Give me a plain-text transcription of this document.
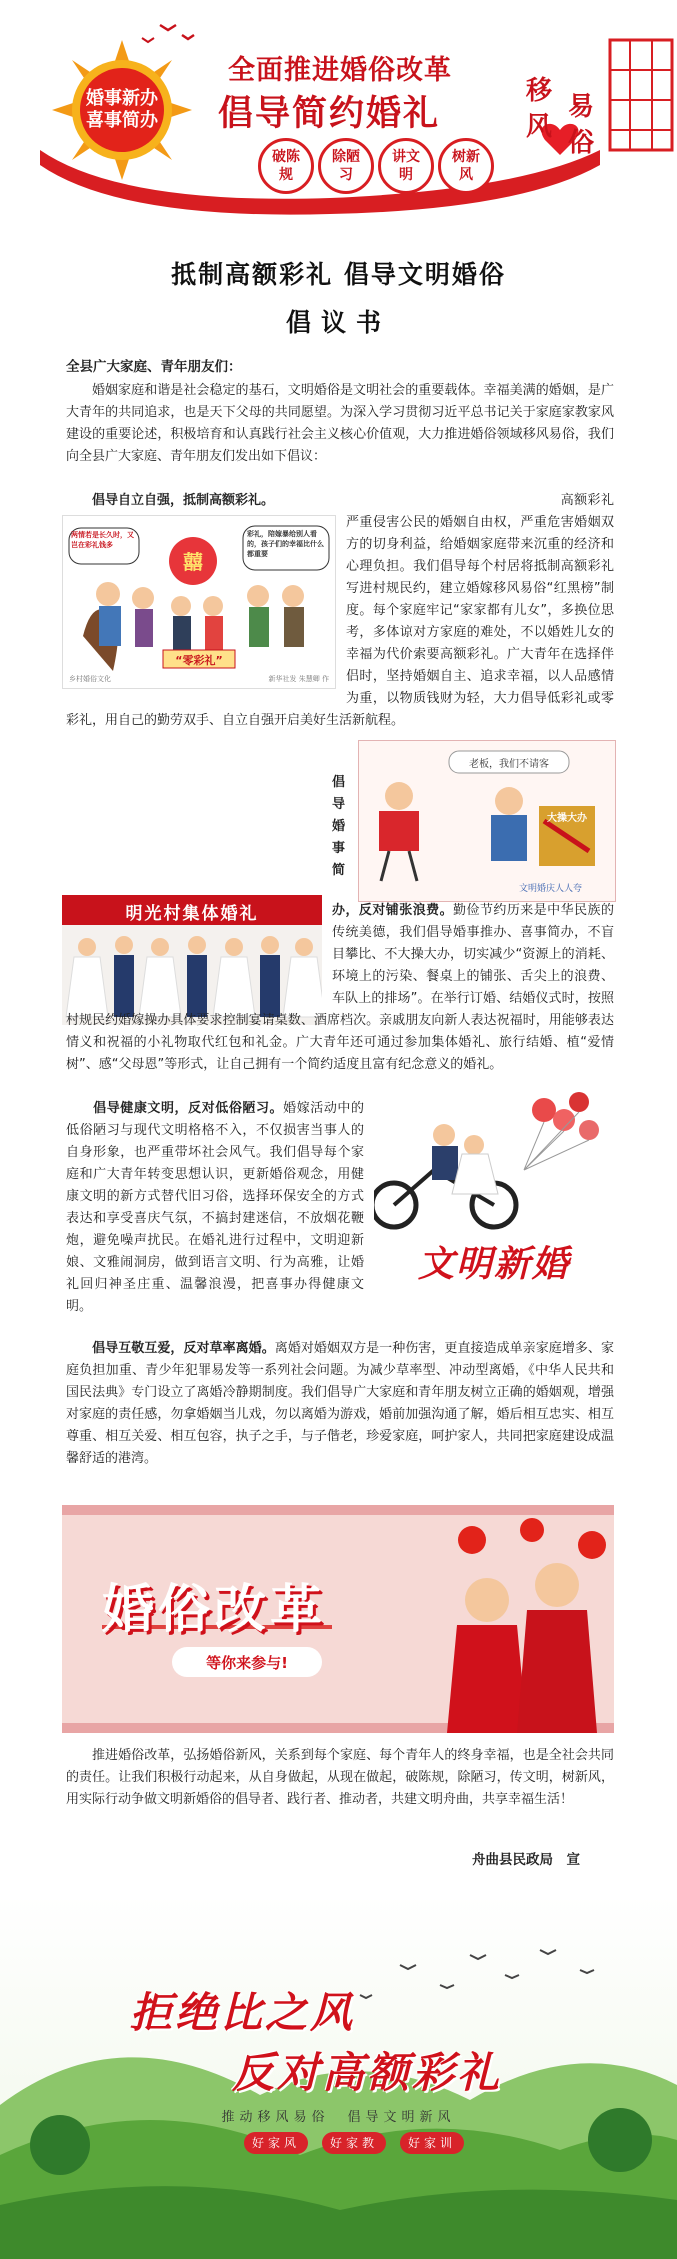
全面推进婚俗改革
倡导简约婚礼
婚事新办
喜事简办
破陈规
除陋习
讲文明
树新风
移
风
易
俗
抵制高额彩礼 倡导文明婚俗
倡议书
全县广大家庭、青年朋友们：
婚姻家庭和谐是社会稳定的基石，文明婚俗是文明社会的重要载体。幸福美满的婚姻，是广大青年的共同追求，也是天下父母的共同愿望。为深入学习贯彻习近平总书记关于家庭家教家风建设的重要论述，积极培育和认真践行社会主义核心价值观，大力推进婚俗领域移风易俗，我们向全县广大家庭、青年朋友们发出如下倡议：
倡导自立自强，抵制高额彩礼。
囍
两情若是长久时，又岂在彩礼钱多
彩礼，陪嫁暴给别人看的，孩子们的幸福比什么都重要
“零彩礼”
乡村婚俗文化	新华社发 朱慧卿 作
高额彩礼严重侵害公民的婚姻自由权，严重危害婚姻双方的切身利益，给婚姻家庭带来沉重的经济和心理负担。我们倡导每个村居将抵制高额彩礼写进村规民约，建立婚嫁移风易俗“红黑榜”制度。每个家庭牢记“家家都有儿女”，多换位思考，多体谅对方家庭的难处，不以婚姓儿女的幸福为代价索要高额彩礼。广大青年在选择伴侣时，坚持婚姻自主、追求幸福，以人品感情为重，以物质钱财为轻，大力倡导低彩礼或零彩礼，用自己的勤劳双手、自立自强开启美好生活新航程。
老板，我们不请客
大操大办
文明婚庆人人夸
明光村集体婚礼
　　倡导婚事简办，反对铺张浪费。勤俭节约历来是中华民族的传统美德，我们倡导婚事推办、喜事简办，不盲目攀比、不大操大办，切实减少“资源上的消耗、环境上的污染、餐桌上的铺张、舌尖上的浪费、车队上的排场”。在举行订婚、结婚仪式时，按照村规民约婚嫁操办具体要求控制宴请桌数、酒席档次。亲戚朋友向新人表达祝福时，用能够表达情义和祝福的小礼物取代红包和礼金。广大青年还可通过参加集体婚礼、旅行结婚、植“爱情树”、感“父母恩”等形式，让自己拥有一个简约适度且富有纪念意义的婚礼。
文明新婚
　　倡导健康文明，反对低俗陋习。婚嫁活动中的低俗陋习与现代文明格格不入，不仅损害当事人的自身形象，也严重带坏社会风气。我们倡导每个家庭和广大青年转变思想认识，更新婚俗观念，用健康文明的新方式替代旧习俗，选择环保安全的方式表达和享受喜庆气氛，不搞封建迷信，不放烟花鞭炮，避免噪声扰民。在婚礼进行过程中，文明迎新娘、文雅闹洞房，做到语言文明、行为高雅，让婚礼回归神圣庄重、温馨浪漫，把喜事办得健康文明。
　　倡导互敬互爱，反对草率离婚。离婚对婚姻双方是一种伤害，更直接造成单亲家庭增多、家庭负担加重、青少年犯罪易发等一系列社会问题。为减少草率型、冲动型离婚，《中华人民共和国民法典》专门设立了离婚冷静期制度。我们倡导广大家庭和青年朋友树立正确的婚姻观，增强对家庭的责任感，勿拿婚姻当儿戏，勿以离婚为游戏，婚前加强沟通了解，婚后相互忠实、相互尊重、相互关爱、相互包容，执子之手，与子偕老，珍爱家庭，呵护家人，共同把家庭建设成温馨舒适的港湾。
婚俗改革
等你来参与!
推进婚俗改革，弘扬婚俗新风，关系到每个家庭、每个青年人的终身幸福，也是全社会共同的责任。让我们积极行动起来，从自身做起，从现在做起，破陈规，除陋习，传文明，树新风，用实际行动争做文明新婚俗的倡导者、践行者、推动者，共建文明舟曲，共享幸福生活！
舟曲县民政局　宣
拒绝比之风
反对高额彩礼
推动移风易俗　倡导文明新风
好家风	好家教	好家训
